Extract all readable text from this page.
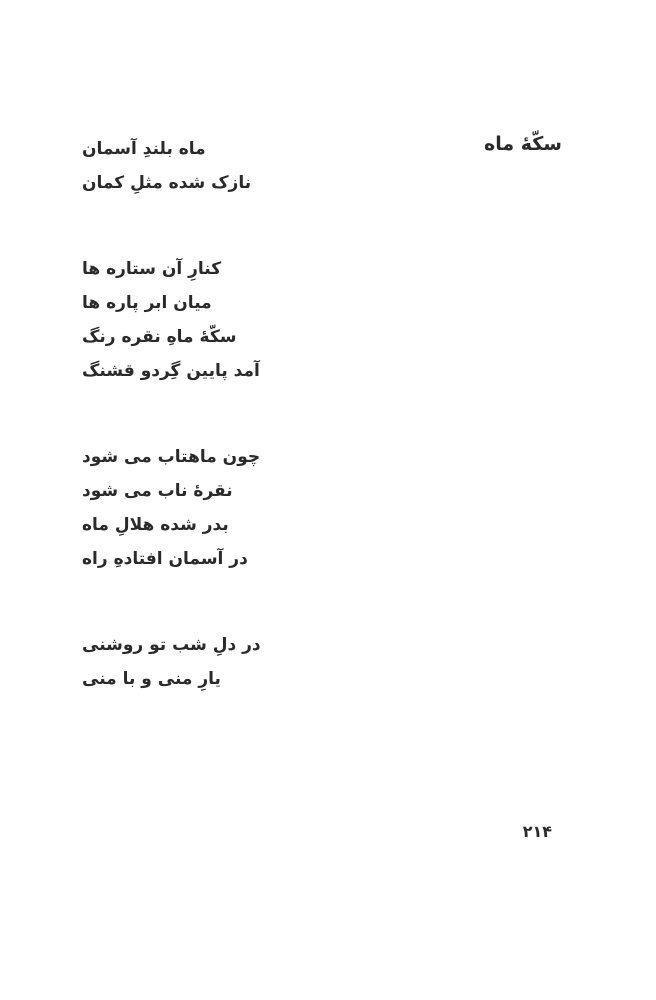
سکّهٔ ماه
ماه بلندِ آسمان
نازک شده مثلِ کمان
کنارِ آن ستاره ها
میان ابر پاره ها
سکّهٔ ماهِ نقره رنگ
آمد پایین گِردو قشنگ
چون ماهتاب می شود
نقرهٔ ناب می شود
بدر شده هلالِ ماه
در آسمان افتادهِ راه
در دلِ شب تو روشنی
یارِ منی و با منی
۲۱۴
